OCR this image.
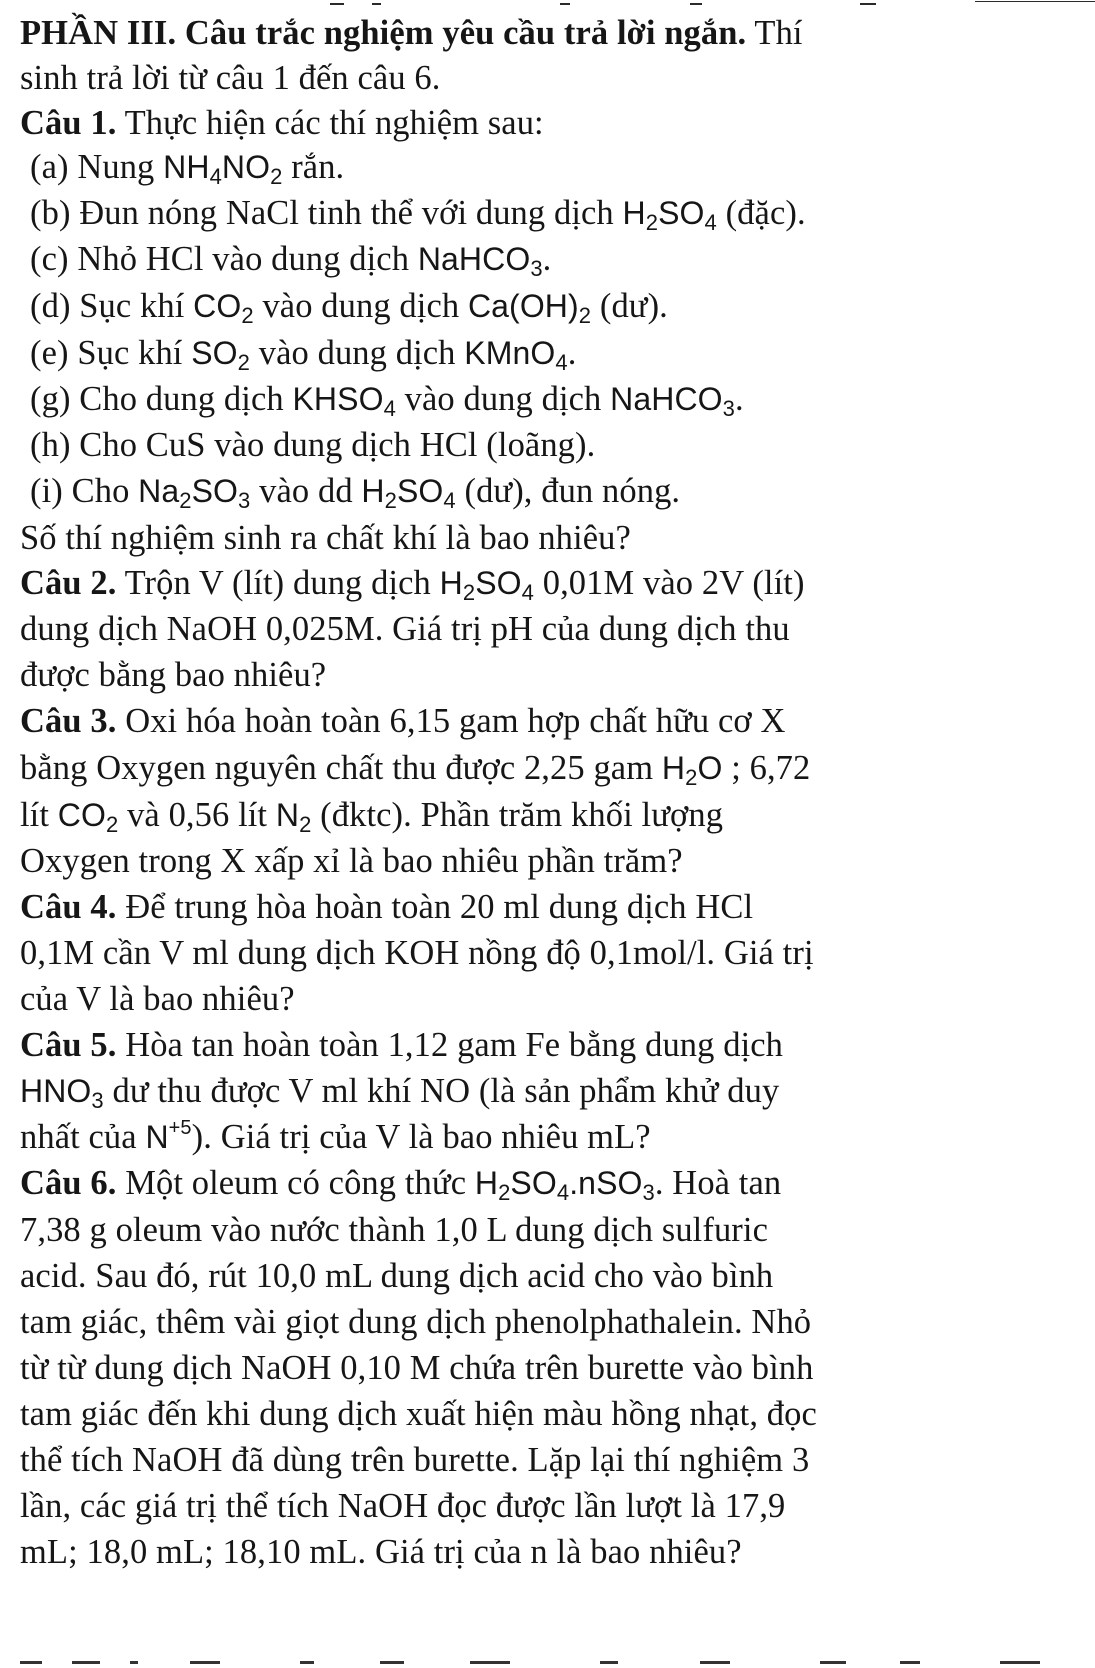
PHẦN III. Câu trắc nghiệm yêu cầu trả lời ngắn. Thí
sinh trả lời từ câu 1 đến câu 6.
Câu 1. Thực hiện các thí nghiệm sau:
(a) Nung $NH_4NO_2$ rắn.
(b) Đun nóng NaCl tinh thể với dung dịch $H_2SO_4$ (đặc).
(c) Nhỏ HCl vào dung dịch NaHCO$_3$.
(d) Sục khí $CO_2$ vào dung dịch $Ca(OH)_2$ (dư).
(e) Sục khí $SO_2$ vào dung dịch KMnO$_4$.
(g) Cho dung dịch $KHSO_4$ vào dung dịch NaHCO$_3$.
(h) Cho CuS vào dung dịch HCl (loãng).
(i) Cho $Na_2SO_3$ vào dd $H_2SO_4$ (dư), đun nóng.
Số thí nghiệm sinh ra chất khí là bao nhiêu?
Câu 2. Trộn V (lít) dung dịch $H_2SO_4$ 0,01M vào 2V (lít)
dung dịch NaOH 0,025M. Giá trị pH của dung dịch thu
được bằng bao nhiêu?
Câu 3. Oxi hóa hoàn toàn 6,15 gam hợp chất hữu cơ X
bằng Oxygen nguyên chất thu được 2,25 gam $H_2O$ ; 6,72
lít $CO_2$ và 0,56 lít $N_2$ (đktc). Phần trăm khối lượng
Oxygen trong X xấp xỉ là bao nhiêu phần trăm?
Câu 4. Để trung hòa hoàn toàn 20 ml dung dịch HCl
0,1M cần V ml dung dịch KOH nồng độ 0,1mol/l. Giá trị
của V là bao nhiêu?
Câu 5. Hòa tan hoàn toàn 1,12 gam Fe bằng dung dịch
$HNO_3$ dư thu được V ml khí NO (là sản phẩm khử duy
nhất của $N^{+5}$). Giá trị của V là bao nhiêu mL?
Câu 6. Một oleum có công thức $H_2SO_4.nSO_3$. Hoà tan
7,38 g oleum vào nước thành 1,0 L dung dịch sulfuric
acid. Sau đó, rút 10,0 mL dung dịch acid cho vào bình
tam giác, thêm vài giọt dung dịch phenolphathalein. Nhỏ
từ từ dung dịch NaOH 0,10 M chứa trên burette vào bình
tam giác đến khi dung dịch xuất hiện màu hồng nhạt, đọc
thể tích NaOH đã dùng trên burette. Lặp lại thí nghiệm 3
lần, các giá trị thể tích NaOH đọc được lần lượt là 17,9
mL; 18,0 mL; 18,10 mL. Giá trị của n là bao nhiêu?
